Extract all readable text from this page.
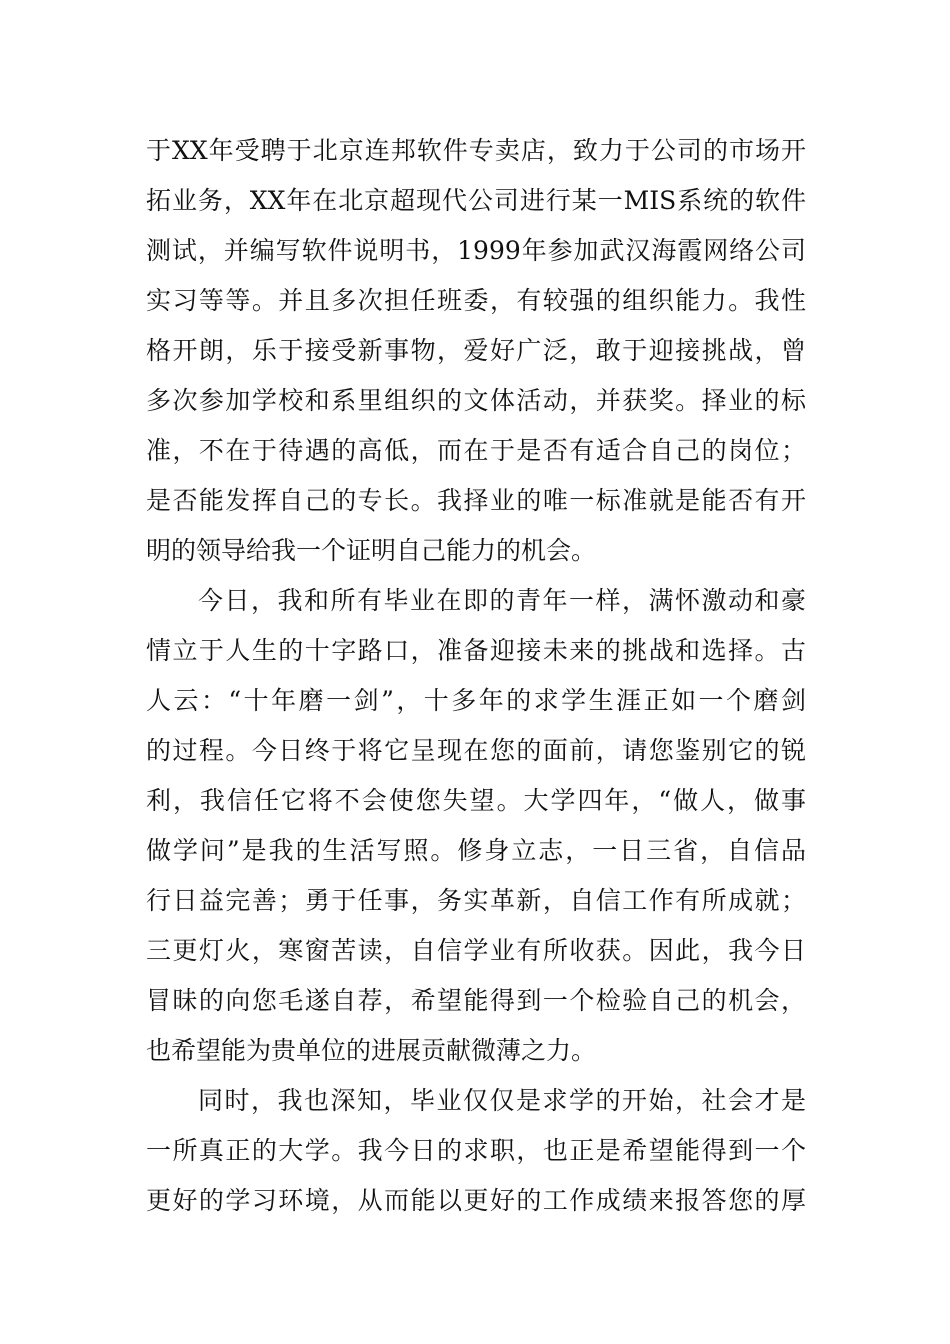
于XX年受聘于北京连邦软件专卖店，致力于公司的市场开
拓业务，XX年在北京超现代公司进行某一MIS系统的软件
测试，并编写软件说明书，1999年参加武汉海霞网络公司
实习等等。并且多次担任班委，有较强的组织能力。我性
格开朗，乐于接受新事物，爱好广泛，敢于迎接挑战，曾
多次参加学校和系里组织的文体活动，并获奖。择业的标
准，不在于待遇的高低，而在于是否有适合自己的岗位；
是否能发挥自己的专长。我择业的唯一标准就是能否有开
明的领导给我一个证明自己能力的机会。
今日，我和所有毕业在即的青年一样，满怀激动和豪
情立于人生的十字路口，准备迎接未来的挑战和选择。古
人云：“十年磨一剑”，十多年的求学生涯正如一个磨剑
的过程。今日终于将它呈现在您的面前，请您鉴别它的锐
利，我信任它将不会使您失望。大学四年，“做人，做事
做学问”是我的生活写照。修身立志，一日三省，自信品
行日益完善；勇于任事，务实革新，自信工作有所成就；
三更灯火，寒窗苦读，自信学业有所收获。因此，我今日
冒昧的向您毛遂自荐，希望能得到一个检验自己的机会，
也希望能为贵单位的进展贡献微薄之力。
同时，我也深知，毕业仅仅是求学的开始，社会才是
一所真正的大学。我今日的求职，也正是希望能得到一个
更好的学习环境，从而能以更好的工作成绩来报答您的厚
